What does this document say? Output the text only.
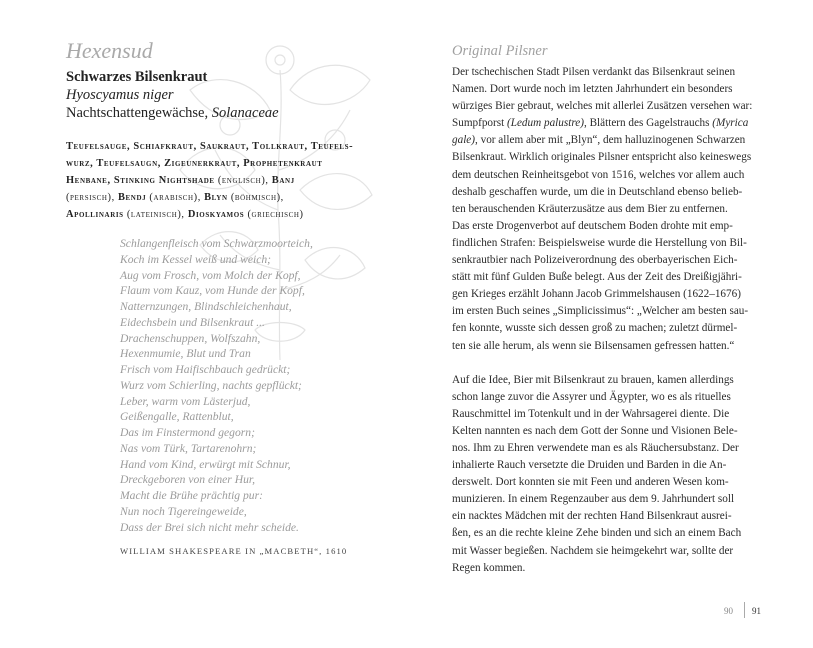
Hexensud
Schwarzes Bilsenkraut
Hyoscyamus niger
Nachtschattengewächse, Solanaceae
Teufelsauge, Schiafkraut, Saukraut, Tollkraut, Teufels-
wurz, Teufelsaugn, Zigeunerkraut, Prophetenkraut
Henbane, Stinking Nightshade (englisch), Banj
(persisch), Bendj (arabisch), Blyn (böhmisch),
Apollinaris (lateinisch), Dioskyamos (griechisch)
Schlangenfleisch vom Schwarzmoorteich,
Koch im Kessel weiß und weich;
Aug vom Frosch, vom Molch der Kopf,
Flaum vom Kauz, vom Hunde der Kopf,
Natternzungen, Blindschleichenhaut,
Eidechsbein und Bilsenkraut ...
Drachenschuppen, Wolfszahn,
Hexenmumie, Blut und Tran
Frisch vom Haifischbauch gedrückt;
Wurz vom Schierling, nachts gepflückt;
Leber, warm vom Lästerjud,
Geißengalle, Rattenblut,
Das im Finstermond gegorn;
Nas vom Türk, Tartarenohrn;
Hand vom Kind, erwürgt mit Schnur,
Dreckgeboren von einer Hur,
Macht die Brühe prächtig pur:
Nun noch Tigereingeweide,
Dass der Brei sich nicht mehr scheide.
WILLIAM SHAKESPEARE IN „MACBETH“, 1610
Original Pilsner
Der tschechischen Stadt Pilsen verdankt das Bilsenkraut seinen
Namen. Dort wurde noch im letzten Jahrhundert ein besonders
würziges Bier gebraut, welches mit allerlei Zusätzen versehen war:
Sumpfporst (Ledum palustre), Blättern des Gagelstrauchs (Myrica
gale), vor allem aber mit „Blyn“, dem halluzinogenen Schwarzen
Bilsenkraut. Wirklich originales Pilsner entspricht also keineswegs
dem deutschen Reinheitsgebot von 1516, welches vor allem auch
deshalb geschaffen wurde, um die in Deutschland ebenso belieb-
ten berauschenden Kräuterzusätze aus dem Bier zu entfernen.
Das erste Drogenverbot auf deutschem Boden drohte mit emp-
findlichen Strafen: Beispielsweise wurde die Herstellung von Bil-
senkrautbier nach Polizeiverordnung des oberbayerischen Eich-
stätt mit fünf Gulden Buße belegt. Aus der Zeit des Dreißigjähri-
gen Krieges erzählt Johann Jacob Grimmelshausen (1622–1676)
im ersten Buch seines „Simplicissimus“: „Welcher am besten sau-
fen konnte, wusste sich dessen groß zu machen; zuletzt dürmel-
ten sie alle herum, als wenn sie Bilsensamen gefressen hatten.“
Auf die Idee, Bier mit Bilsenkraut zu brauen, kamen allerdings
schon lange zuvor die Assyrer und Ägypter, wo es als rituelles
Rauschmittel im Totenkult und in der Wahrsagerei diente. Die
Kelten nannten es nach dem Gott der Sonne und Visionen Bele-
nos. Ihm zu Ehren verwendete man es als Räuchersubstanz. Der
inhalierte Rauch versetzte die Druiden und Barden in die An-
derswelt. Dort konnten sie mit Feen und anderen Wesen kom-
munizieren. In einem Regenzauber aus dem 9. Jahrhundert soll
ein nacktes Mädchen mit der rechten Hand Bilsenkraut ausrei-
ßen, es an die rechte kleine Zehe binden und sich an einem Bach
mit Wasser begießen. Nachdem sie heimgekehrt war, sollte der
Regen kommen.
90 91
